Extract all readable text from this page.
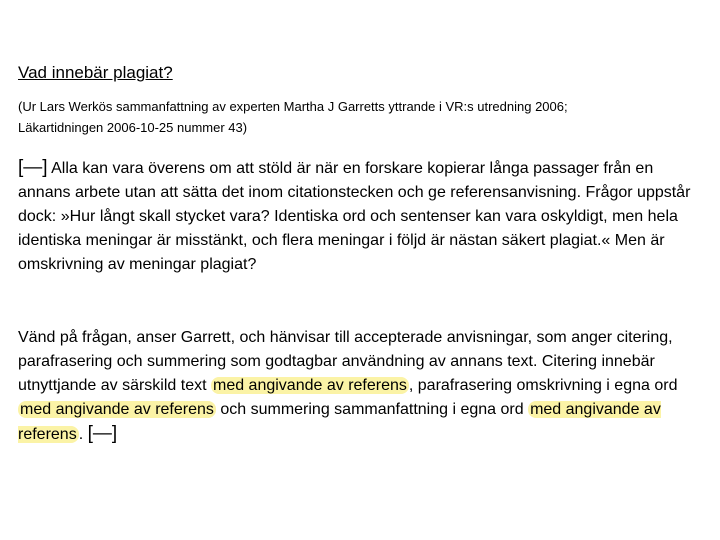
Vad innebär plagiat?
(Ur Lars Werkös sammanfattning av experten Martha J Garretts yttrande i VR:s utredning 2006;
Läkartidningen 2006-10-25 nummer 43)

[—] Alla kan vara överens om att stöld är när en forskare kopierar långa passager från en annans arbete utan att sätta det inom citationstecken och ge referensanvisning. Frågor uppstår dock: »Hur långt skall stycket vara? Identiska ord och sentenser kan vara oskyldigt, men hela identiska meningar är misstänkt, och flera meningar i följd är nästan säkert plagiat.« Men är omskrivning av meningar plagiat?

Vänd på frågan, anser Garrett, och hänvisar till accepterade anvisningar, som anger citering, parafrasering och summering som godtagbar användning av annans text. Citering innebär utnyttjande av särskild text med angivande av referens , parafrasering omskrivning i egna ord med angivande av referens och summering sammanfattning i egna ord med angivande av referens . [—]
